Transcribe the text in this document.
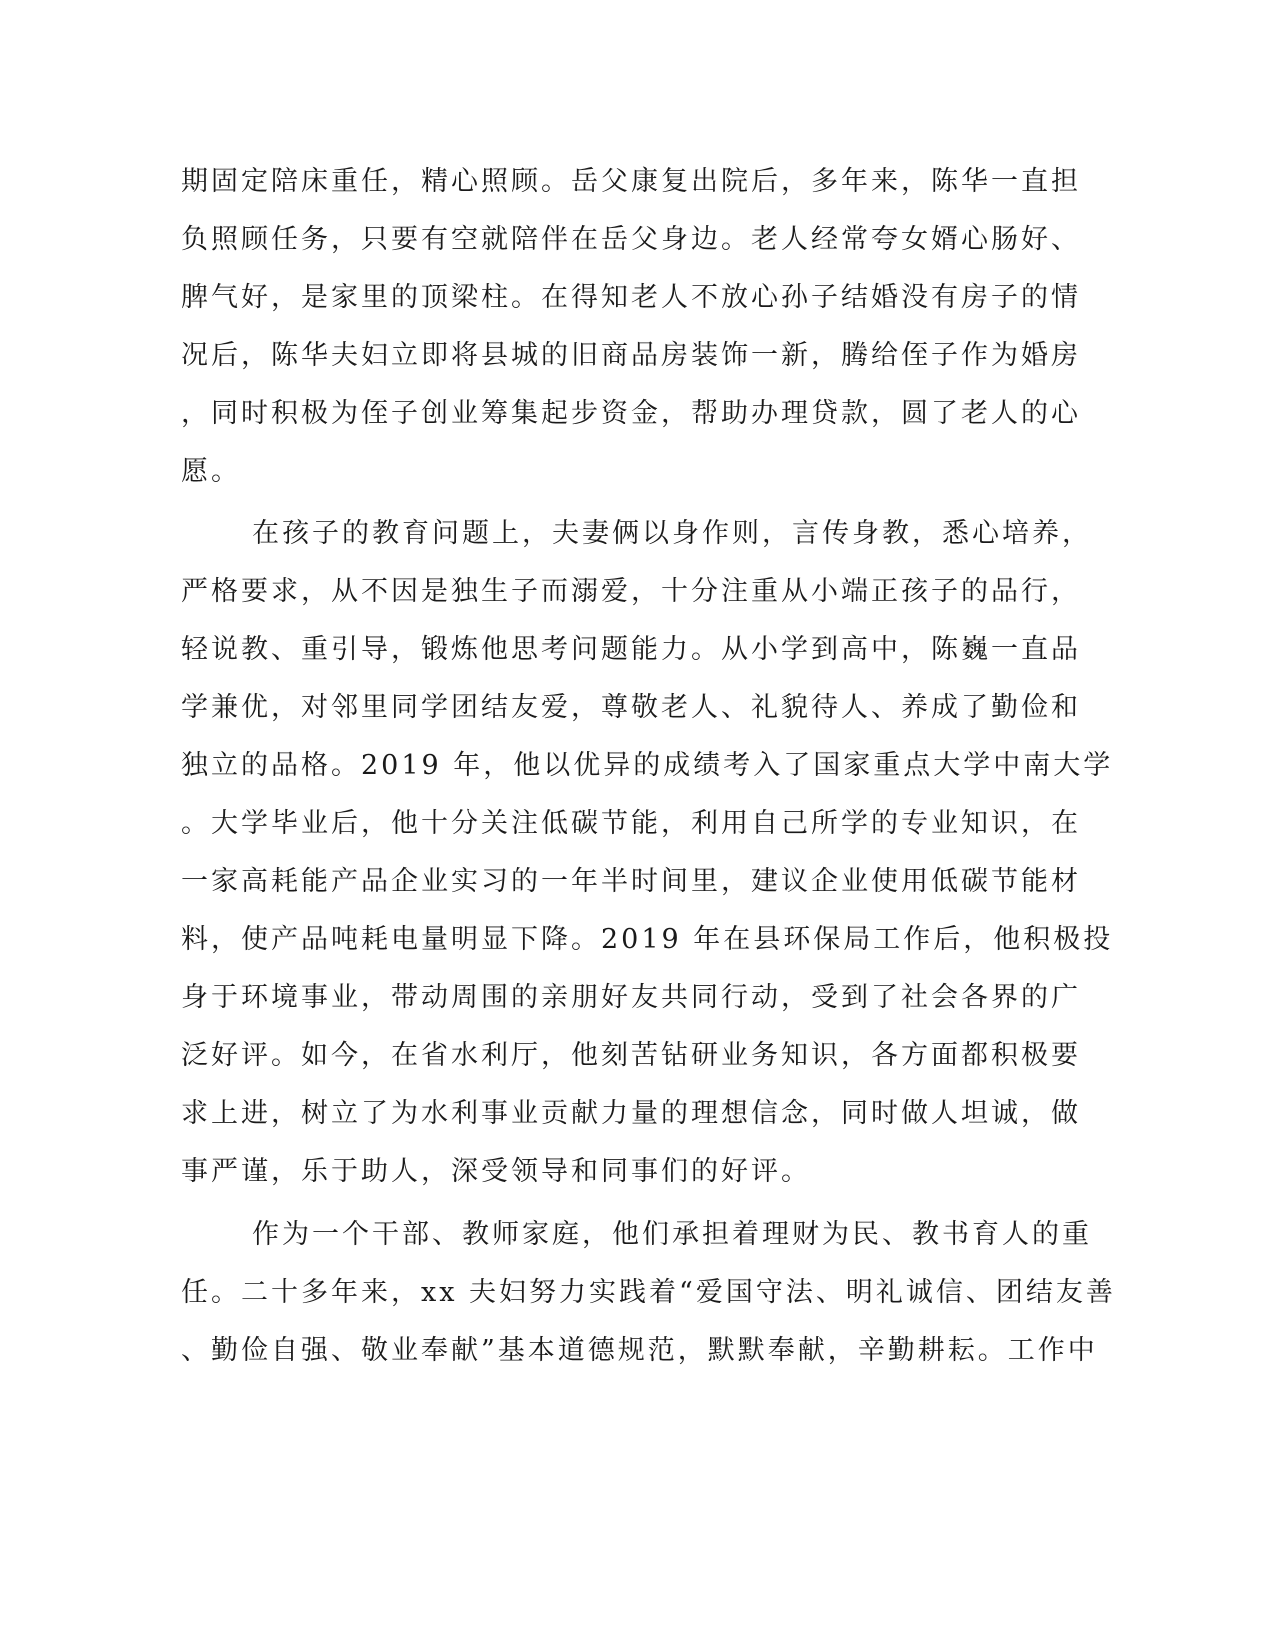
期固定陪床重任，精心照顾。岳父康复出院后，多年来，陈华一直担

负照顾任务，只要有空就陪伴在岳父身边。老人经常夸女婿心肠好、

脾气好，是家里的顶梁柱。在得知老人不放心孙子结婚没有房子的情

况后，陈华夫妇立即将县城的旧商品房装饰一新，腾给侄子作为婚房

，同时积极为侄子创业筹集起步资金，帮助办理贷款，圆了老人的心

愿。

在孩子的教育问题上，夫妻俩以身作则，言传身教，悉心培养，

严格要求，从不因是独生子而溺爱，十分注重从小端正孩子的品行，

轻说教、重引导，锻炼他思考问题能力。从小学到高中，陈巍一直品

学兼优，对邻里同学团结友爱，尊敬老人、礼貌待人、养成了勤俭和

独立的品格。2019 年，他以优异的成绩考入了国家重点大学中南大学

。大学毕业后，他十分关注低碳节能，利用自己所学的专业知识，在

一家高耗能产品企业实习的一年半时间里，建议企业使用低碳节能材

料，使产品吨耗电量明显下降。2019 年在县环保局工作后，他积极投

身于环境事业，带动周围的亲朋好友共同行动，受到了社会各界的广

泛好评。如今，在省水利厅，他刻苦钻研业务知识，各方面都积极要

求上进，树立了为水利事业贡献力量的理想信念，同时做人坦诚，做

事严谨，乐于助人，深受领导和同事们的好评。

作为一个干部、教师家庭，他们承担着理财为民、教书育人的重

任。二十多年来，xx 夫妇努力实践着“爱国守法、明礼诚信、团结友善

、勤俭自强、敬业奉献”基本道德规范，默默奉献，辛勤耕耘。工作中
